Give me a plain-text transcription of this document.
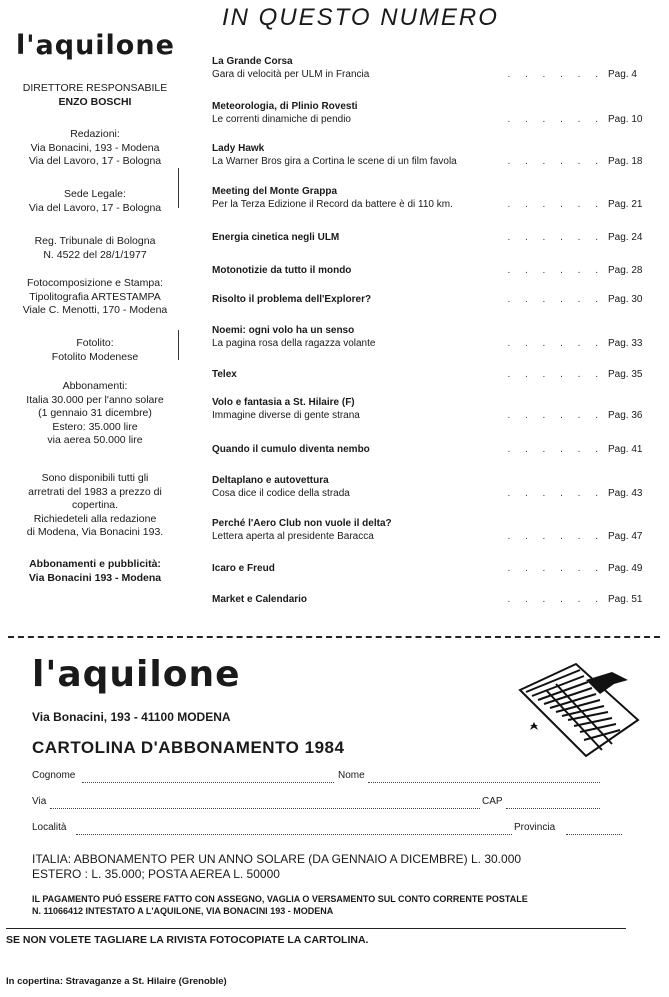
l'aquilone
DIRETTORE RESPONSABILE
ENZO BOSCHI
Redazioni:
Via Bonacini, 193 - Modena
Via del Lavoro, 17 - Bologna
Sede Legale:
Via del Lavoro, 17 - Bologna
Reg. Tribunale di Bologna
N. 4522 del 28/1/1977
Fotocomposizione e Stampa:
Tipolitografia ARTESTAMPA
Viale C. Menotti, 170 - Modena
Fotolito:
Fotolito Modenese
Abbonamenti:
Italia 30.000 per l'anno solare
(1 gennaio 31 dicembre)
Estero: 35.000 lire
via aerea 50.000 lire
Sono disponibili tutti gli
arretrati del 1983 a prezzo di
copertina.
Richiedeteli alla redazione
di Modena, Via Bonacini 193.
Abbonamenti e pubblicità:
Via Bonacini 193 - Modena
IN QUESTO NUMERO
La Grande Corsa
Gara di velocità per ULM in Francia	. . . . . . Pag. 4
Meteorologia, di Plinio Rovesti
Le correnti dinamiche di pendio	. . . . . . Pag. 10
Lady Hawk
La Warner Bros gira a Cortina le scene di un film favola	. . . . . . Pag. 18
Meeting del Monte Grappa
Per la Terza Edizione il Record da battere è di 110 km.	. . . . . . Pag. 21
Energia cinetica negli ULM	. . . . . . Pag. 24
Motonotizie da tutto il mondo	. . . . . . Pag. 28
Risolto il problema dell'Explorer?	. . . . . . Pag. 30
Noemi: ogni volo ha un senso
La pagina rosa della ragazza volante	. . . . . . Pag. 33
Telex	. . . . . . Pag. 35
Volo e fantasia a St. Hilaire (F)
Immagine diverse di gente strana	. . . . . . Pag. 36
Quando il cumulo diventa nembo	. . . . . . Pag. 41
Deltaplano e autovettura
Cosa dice il codice della strada	. . . . . . Pag. 43
Perché l'Aero Club non vuole il delta?
Lettera aperta al presidente Baracca	. . . . . . Pag. 47
Icaro e Freud	. . . . . . Pag. 49
Market e Calendario	. . . . . . Pag. 51
l'aquilone
Via Bonacini, 193 - 41100 MODENA
CARTOLINA D'ABBONAMENTO 1984
Cognome	Nome
Via	CAP
Località	Provincia
ITALIA: ABBONAMENTO PER UN ANNO SOLARE (DA GENNAIO A DICEMBRE) L. 30.000
ESTERO : L. 35.000; POSTA AEREA L. 50000
IL PAGAMENTO PUÓ ESSERE FATTO CON ASSEGNO, VAGLIA O VERSAMENTO SUL CONTO CORRENTE POSTALE
N. 11066412 INTESTATO A L'AQUILONE, VIA BONACINI 193 - MODENA
SE NON VOLETE TAGLIARE LA RIVISTA FOTOCOPIATE LA CARTOLINA.
In copertina: Stravaganze a St. Hilaire (Grenoble)
